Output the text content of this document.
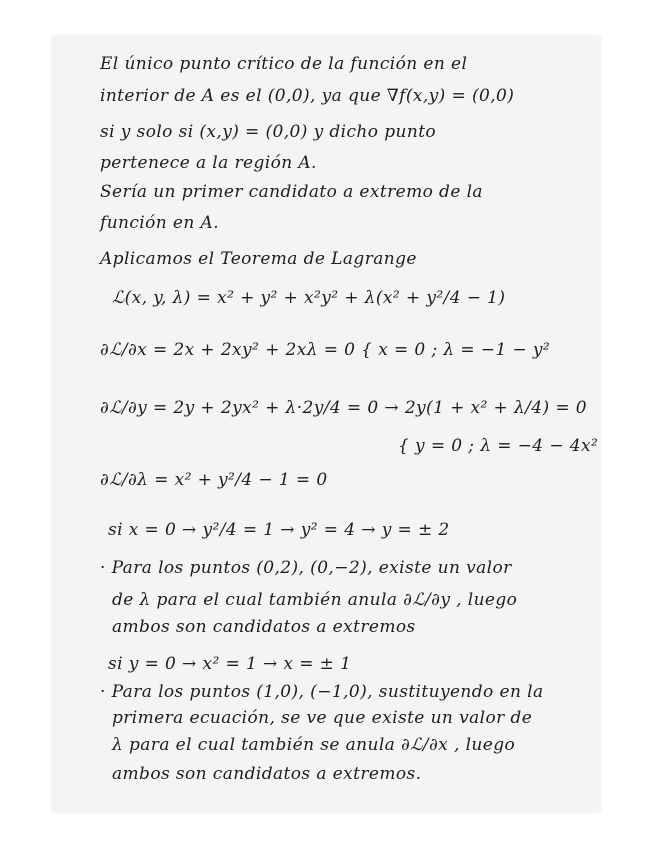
El único punto crítico de la función en el
interior de A es el (0,0), ya que ∇f(x,y) = (0,0)
si y solo si (x,y) = (0,0) y dicho punto
pertenece a la región A.
Sería un primer candidato a extremo de la
función en A.
Aplicamos el Teorema de Lagrange
ℒ(x, y, λ) = x² + y² + x²y² + λ(x² + y²/4 − 1)
∂ℒ/∂x = 2x + 2xy² + 2xλ = 0 { x = 0 ; λ = −1 − y²
∂ℒ/∂y = 2y + 2yx² + λ·2y/4 = 0 → 2y(1 + x² + λ/4) = 0
{ y = 0 ; λ = −4 − 4x²
∂ℒ/∂λ = x² + y²/4 − 1 = 0
si x = 0 → y²/4 = 1 → y² = 4 → y = ± 2
· Para los puntos (0,2), (0,−2), existe un valor
de λ para el cual también anula ∂ℒ/∂y , luego
ambos son candidatos a extremos
si y = 0 → x² = 1 → x = ± 1
· Para los puntos (1,0), (−1,0), sustituyendo en la
primera ecuación, se ve que existe un valor de
λ para el cual también se anula ∂ℒ/∂x , luego
ambos son candidatos a extremos.
